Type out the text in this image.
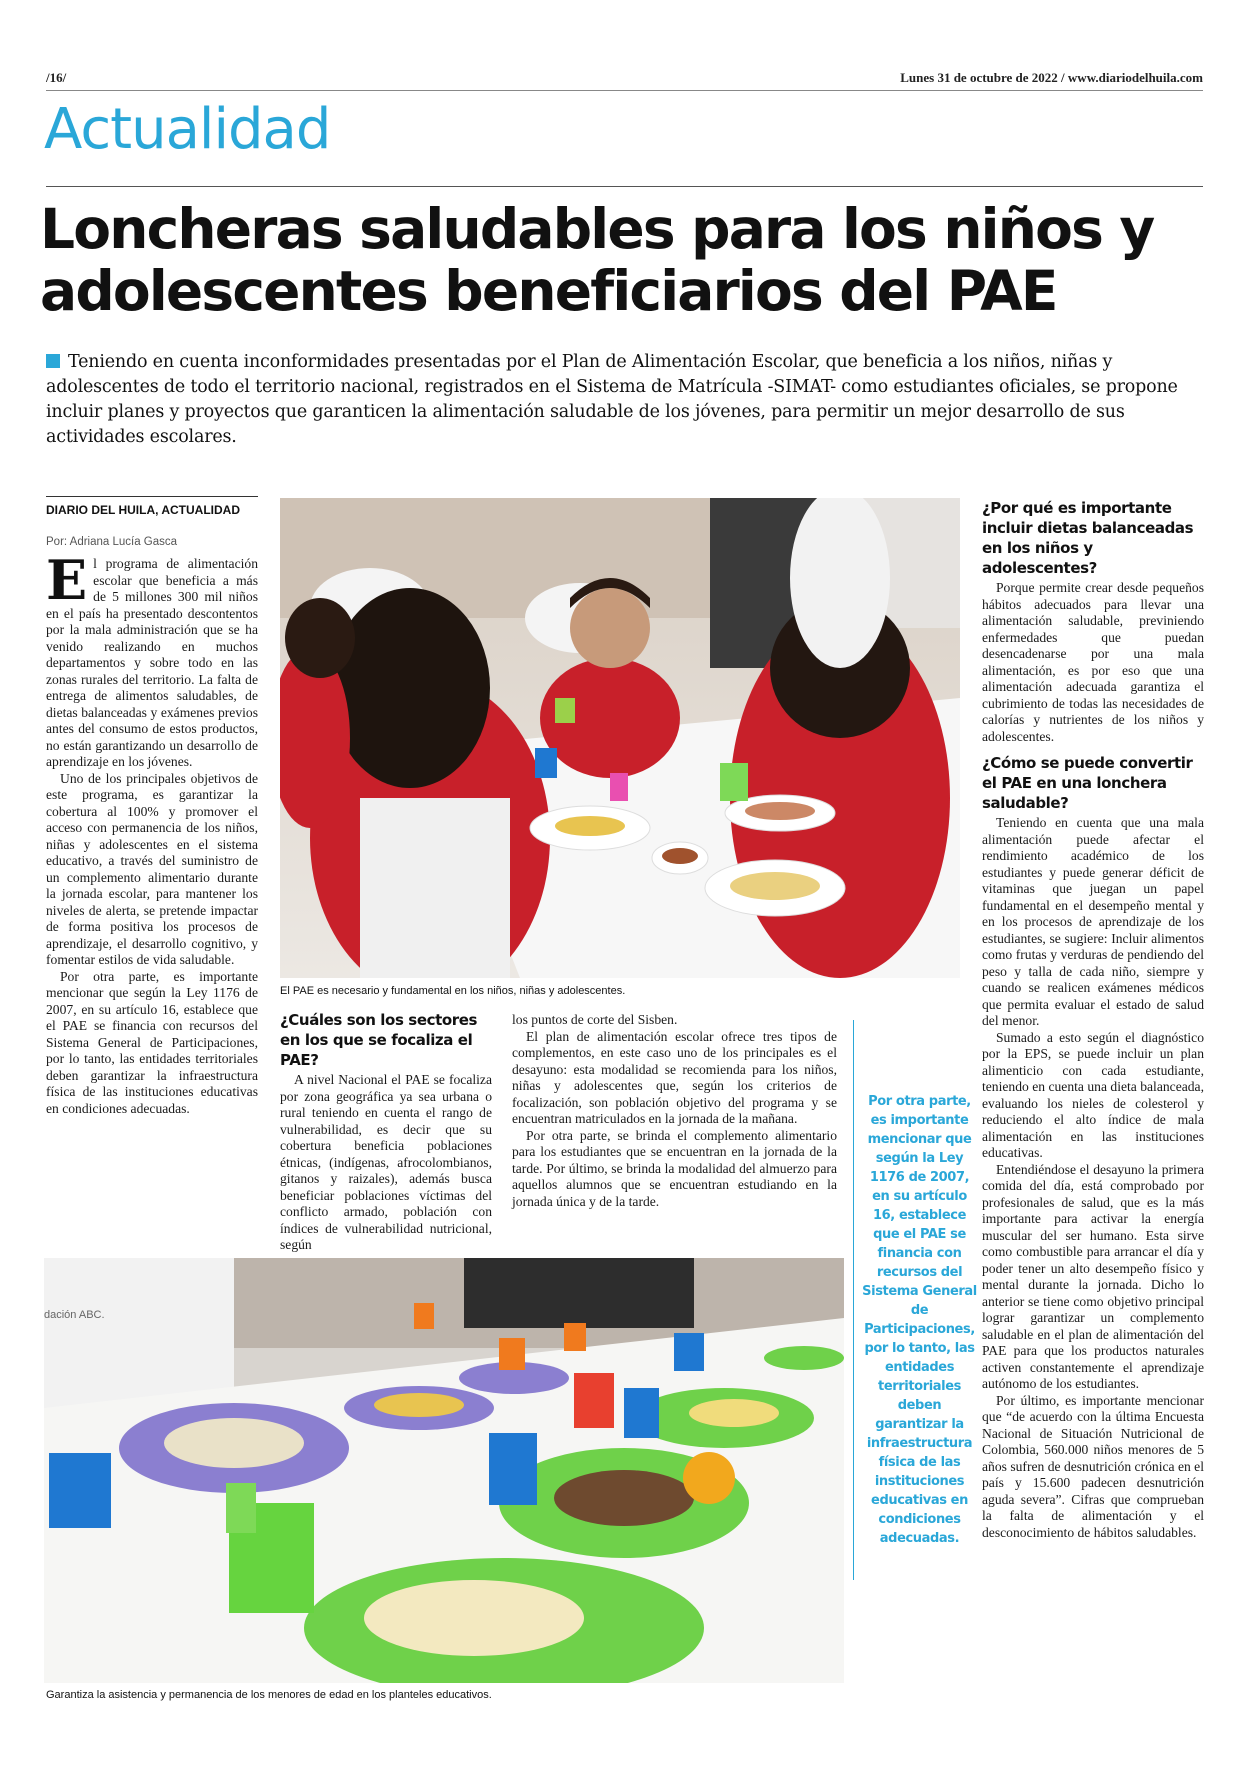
/16/	Lunes 31 de octubre de 2022 / www.diariodelhuila.com
Actualidad
Loncheras saludables para los niños y adolescentes beneficiarios del PAE

Teniendo en cuenta inconformidades presentadas por el Plan de Alimentación Escolar, que beneficia a los niños, niñas y adolescentes de todo el territorio nacional, registrados en el Sistema de Matrícula -SIMAT- como estudiantes oficiales, se propone incluir planes y proyectos que garanticen la alimentación saludable de los jóvenes, para permitir un mejor desarrollo de sus actividades escolares.

DIARIO DEL HUILA, ACTUALIDAD
Por: Adriana Lucía Gasca

El programa de alimentación escolar que beneficia a más de 5 millones 300 mil niños en el país ha presentado descontentos por la mala administración que se ha venido realizando en muchos departamentos y sobre todo en las zonas rurales del territorio. La falta de entrega de alimentos saludables, de dietas balanceadas y exámenes previos antes del consumo de estos productos, no están garantizando un desarrollo de aprendizaje en los jóvenes.

Uno de los principales objetivos de este programa, es garantizar la cobertura al 100% y promover el acceso con permanencia de los niños, niñas y adolescentes en el sistema educativo, a través del suministro de un complemento alimentario durante la jornada escolar, para mantener los niveles de alerta, se pretende impactar de forma positiva los procesos de aprendizaje, el desarrollo cognitivo, y fomentar estilos de vida saludable.

Por otra parte, es importante mencionar que según la Ley 1176 de 2007, en su artículo 16, establece que el PAE se financia con recursos del Sistema General de Participaciones, por lo tanto, las entidades territoriales deben garantizar la infraestructura física de las instituciones educativas en condiciones adecuadas.

El PAE es necesario y fundamental en los niños, niñas y adolescentes.
¿Cuáles son los sectores en los que se focaliza el PAE?

A nivel Nacional el PAE se focaliza por zona geográfica ya sea urbana o rural teniendo en cuenta el rango de vulnerabilidad, es decir que su cobertura beneficia poblaciones étnicas, (indígenas, afrocolombianos, gitanos y raizales), además busca beneficiar poblaciones víctimas del conflicto armado, población con índices de vulnerabilidad nutricional, según

los puntos de corte del Sisben.

El plan de alimentación escolar ofrece tres tipos de complementos, en este caso uno de los principales es el desayuno: esta modalidad se recomienda para los niños, niñas y adolescentes que, según los criterios de focalización, son población objetivo del programa y se encuentran matriculados en la jornada de la mañana.

Por otra parte, se brinda el complemento alimentario para los estudiantes que se encuentran en la jornada de la tarde. Por último, se brinda la modalidad del almuerzo para aquellos alumnos que se encuentran estudiando en la jornada única y de la tarde.

Por otra parte, es importante mencionar que según la Ley 1176 de 2007, en su artículo 16, establece que el PAE se financia con recursos del Sistema General de Participaciones, por lo tanto, las entidades territoriales deben garantizar la infraestructura física de las instituciones educativas en condiciones adecuadas.
¿Por qué es importante incluir dietas balanceadas en los niños y adolescentes?

Porque permite crear desde pequeños hábitos adecuados para llevar una alimentación saludable, previniendo enfermedades que puedan desencadenarse por una mala alimentación, es por eso que una alimentación adecuada garantiza el cubrimiento de todas las necesidades de calorías y nutrientes de los niños y adolescentes.

¿Cómo se puede convertir el PAE en una lonchera saludable?

Teniendo en cuenta que una mala alimentación puede afectar el rendimiento académico de los estudiantes y puede generar déficit de vitaminas que juegan un papel fundamental en el desempeño mental y en los procesos de aprendizaje de los estudiantes, se sugiere: Incluir alimentos como frutas y verduras de pendiendo del peso y talla de cada niño, siempre y cuando se realicen exámenes médicos que permita evaluar el estado de salud del menor.

Sumado a esto según el diagnóstico por la EPS, se puede incluir un plan alimenticio con cada estudiante, teniendo en cuenta una dieta balanceada, evaluando los nieles de colesterol y reduciendo el alto índice de mala alimentación en las instituciones educativas.

Entendiéndose el desayuno la primera comida del día, está comprobado por profesionales de salud, que es la más importante para activar la energía muscular del ser humano. Esta sirve como combustible para arrancar el día y poder tener un alto desempeño físico y mental durante la jornada. Dicho lo anterior se tiene como objetivo principal lograr garantizar un complemento saludable en el plan de alimentación del PAE para que los productos naturales activen constantemente el aprendizaje autónomo de los estudiantes.

Por último, es importante mencionar que “de acuerdo con la última Encuesta Nacional de Situación Nutricional de Colombia, 560.000 niños menores de 5 años sufren de desnutrición crónica en el país y 15.600 padecen desnutrición aguda severa”. Cifras que comprueban la falta de alimentación y el desconocimiento de hábitos saludables.

dación ABC.
Garantiza la asistencia y permanencia de los menores de edad en los planteles educativos.
